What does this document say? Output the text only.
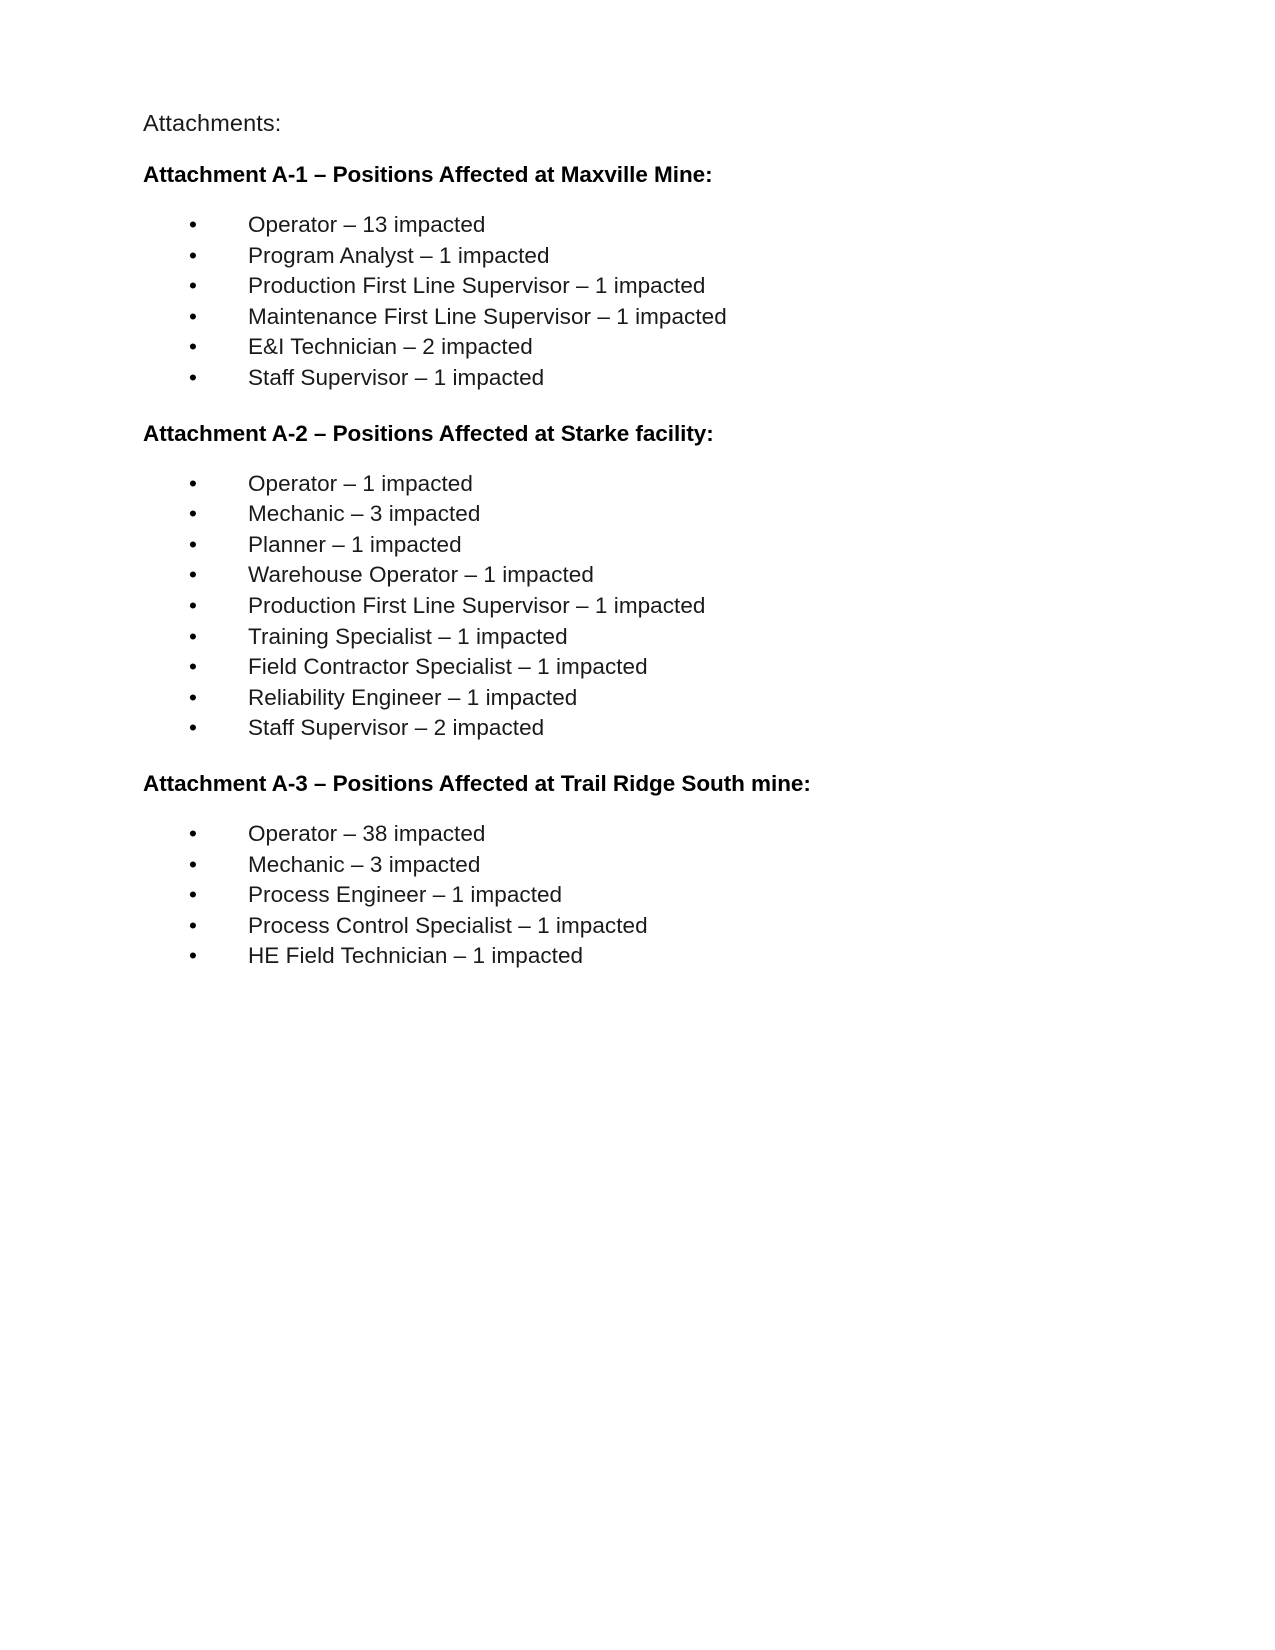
Attachments:

Attachment A-1 – Positions Affected at Maxville Mine:
• Operator – 13 impacted
• Program Analyst – 1 impacted
• Production First Line Supervisor – 1 impacted
• Maintenance First Line Supervisor – 1 impacted
• E&I Technician – 2 impacted
• Staff Supervisor – 1 impacted
Attachment A-2 – Positions Affected at Starke facility:
• Operator – 1 impacted
• Mechanic – 3 impacted
• Planner – 1 impacted
• Warehouse Operator – 1 impacted
• Production First Line Supervisor – 1 impacted
• Training Specialist – 1 impacted
• Field Contractor Specialist – 1 impacted
• Reliability Engineer – 1 impacted
• Staff Supervisor – 2 impacted
Attachment A-3 – Positions Affected at Trail Ridge South mine:
• Operator – 38 impacted
• Mechanic – 3 impacted
• Process Engineer – 1 impacted
• Process Control Specialist – 1 impacted
• HE Field Technician – 1 impacted
